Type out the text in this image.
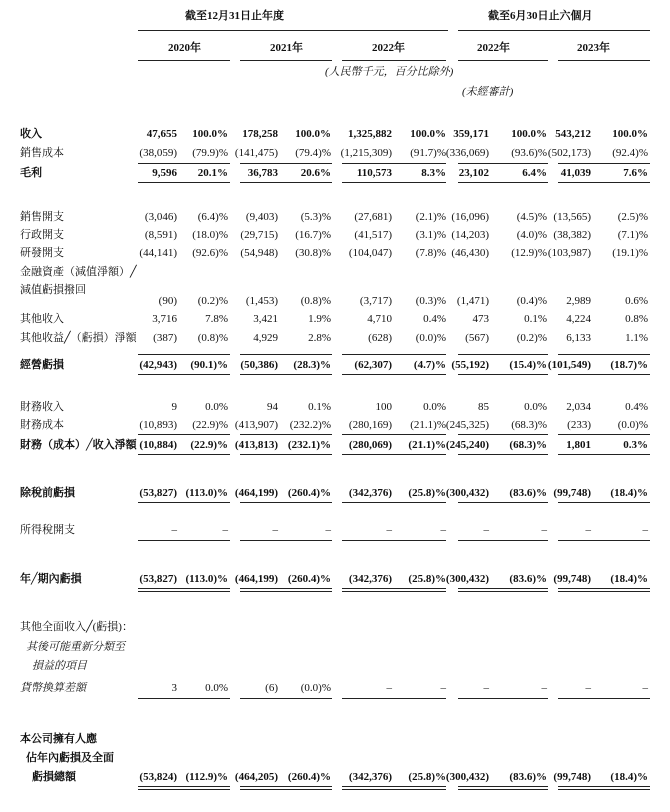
截至12月31日止年度	截至6月30日止六個月
2020年	2021年	2022年	2022年	2023年
(人民幣千元，百分比除外)
(未經審計)
收入	47,655 100.0% 178,258 100.0% 1,325,882 100.0% 359,171 100.0% 543,212 100.0%
銷售成本	(38,059) (79.9)% (141,475) (79.4)% (1,215,309) (91.7)% (336,069) (93.6)% (502,173) (92.4)%
毛利	9,596 20.1% 36,783 20.6% 110,573	8.3% 23,102	6.4% 41,039	7.6%
銷售開支	(3,046) (6.4)% (9,403) (5.3)% (27,681) (2.1)% (16,096)	(4.5)% (13,565) (2.5)%
行政開支	(8,591) (18.0)% (29,715) (16.7)% (41,517) (3.1)% (14,203)	(4.0)% (38,382) (7.1)%
研發開支	(44,141) (92.6)% (54,948) (30.8)% (104,047) (7.8)% (46,430) (12.9)% (103,987) (19.1)%
金融資產（減值淨額）╱
減值虧損撥回
(90) (0.2)% (1,453) (0.8)%	(3,717) (0.3)% (1,471)	(0.4)% 2,989	0.6%
其他收入	3,716	7.8% 3,421	1.9%	4,710	0.4% 473	0.1% 4,224	0.8%
其他收益╱（虧損）淨額 (387) (0.8)% 4,929	2.8%	(628) (0.0)% (567)	(0.2)% 6,133	1.1%
經營虧損	(42,943) (90.1)% (50,386) (28.3)% (62,307) (4.7)% (55,192) (15.4)% (101,549) (18.7)%
財務收入	9	0.0%	94	0.1%	100	0.0%	85	0.0% 2,034	0.4%
財務成本	(10,893) (22.9)% (413,907) (232.2)% (280,169) (21.1)% (245,325) (68.3)% (233) (0.0)%
財務（成本）╱收入淨額 (10,884) (22.9)% (413,813) (232.1)% (280,069) (21.1)% (245,240) (68.3)% 1,801	0.3%
除稅前虧損	(53,827) (113.0)% (464,199) (260.4)% (342,376) (25.8)% (300,432) (83.6)% (99,748) (18.4)%
所得稅開支	–	–	–	–	–	–	–	–	–	–
年╱期內虧損	(53,827) (113.0)% (464,199) (260.4)% (342,376) (25.8)% (300,432) (83.6)% (99,748) (18.4)%
其他全面收入╱(虧損)：
其後可能重新分類至
損益的項目
貨幣換算差額	3	0.0%	(6) (0.0)%	–	–	–	–	–	–
本公司擁有人應
佔年內虧損及全面
虧損總額	(53,824) (112.9)% (464,205) (260.4)% (342,376) (25.8)% (300,432) (83.6)% (99,748) (18.4)%
